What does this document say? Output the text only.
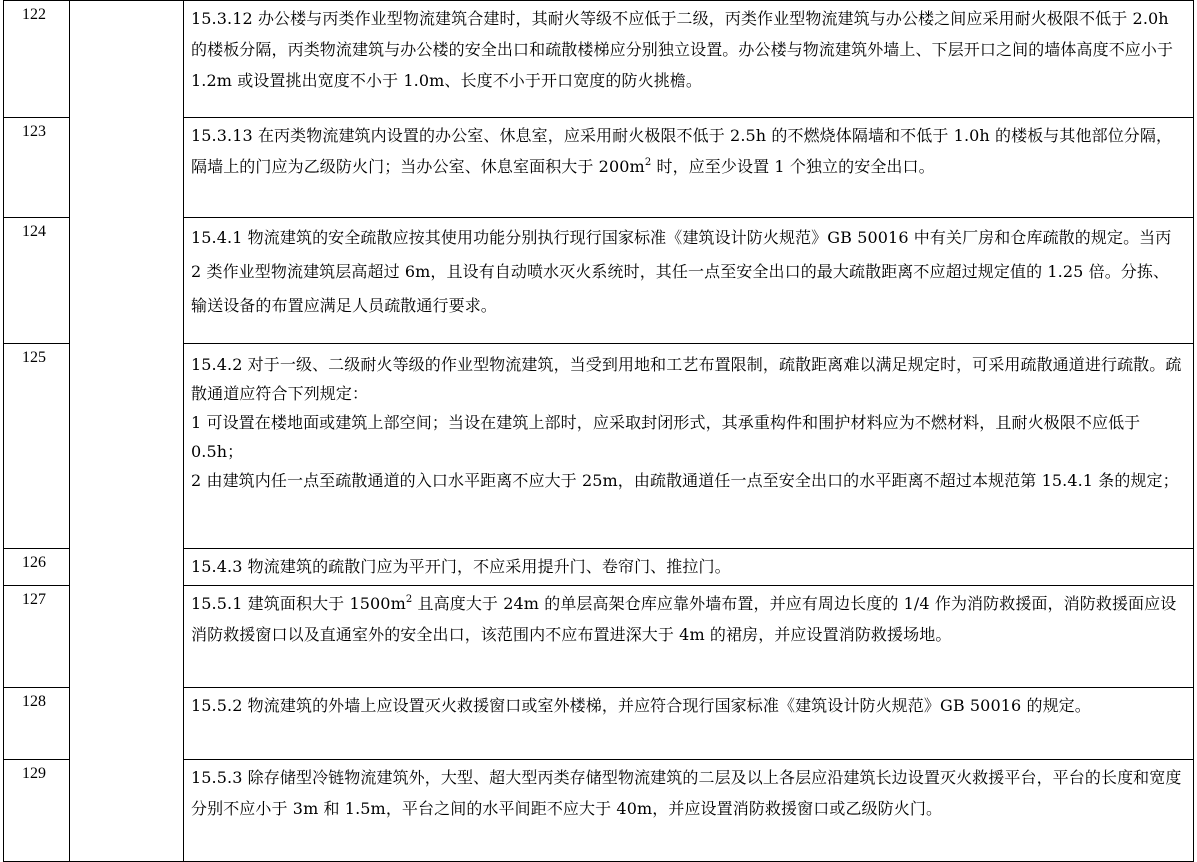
122		15.3.12 办公楼与丙类作业型物流建筑合建时，其耐火等级不应低于二级，丙类作业型物流建筑与办公楼之间应采用耐火极限不低于 2.0h 的楼板分隔，丙类物流建筑与办公楼的安全出口和疏散楼梯应分别独立设置。办公楼与物流建筑外墙上、下层开口之间的墙体高度不应小于 1.2m 或设置挑出宽度不小于 1.0m、长度不小于开口宽度的防火挑檐。
123		15.3.13 在丙类物流建筑内设置的办公室、休息室，应采用耐火极限不低于 2.5h 的不燃烧体隔墙和不低于 1.0h 的楼板与其他部位分隔，隔墙上的门应为乙级防火门；当办公室、休息室面积大于 $200m^2$ 时，应至少设置 1 个独立的安全出口。
124		15.4.1 物流建筑的安全疏散应按其使用功能分别执行现行国家标准《建筑设计防火规范》GB 50016 中有关厂房和仓库疏散的规定。当丙 2 类作业型物流建筑层高超过 6m，且设有自动喷水灭火系统时，其任一点至安全出口的最大疏散距离不应超过规定值的 1.25 倍。分拣、输送设备的布置应满足人员疏散通行要求。
125		15.4.2 对于一级、二级耐火等级的作业型物流建筑，当受到用地和工艺布置限制，疏散距离难以满足规定时，可采用疏散通道进行疏散。疏散通道应符合下列规定：
1 可设置在楼地面或建筑上部空间；当设在建筑上部时，应采取封闭形式，其承重构件和围护材料应为不燃材料，且耐火极限不应低于 0.5h；
2 由建筑内任一点至疏散通道的入口水平距离不应大于 25m，由疏散通道任一点至安全出口的水平距离不超过本规范第 15.4.1 条的规定；

126		15.4.3 物流建筑的疏散门应为平开门，不应采用提升门、卷帘门、推拉门。
127		15.5.1 建筑面积大于 $1500m^2$ 且高度大于 24m 的单层高架仓库应靠外墙布置，并应有周边长度的 1/4 作为消防救援面，消防救援面应设消防救援窗口以及直通室外的安全出口，该范围内不应布置进深大于 4m 的裙房，并应设置消防救援场地。
128		15.5.2 物流建筑的外墙上应设置灭火救援窗口或室外楼梯，并应符合现行国家标准《建筑设计防火规范》GB 50016 的规定。
129		15.5.3 除存储型冷链物流建筑外，大型、超大型丙类存储型物流建筑的二层及以上各层应沿建筑长边设置灭火救援平台，平台的长度和宽度分别不应小于 3m 和 1.5m，平台之间的水平间距不应大于 40m，并应设置消防救援窗口或乙级防火门。
